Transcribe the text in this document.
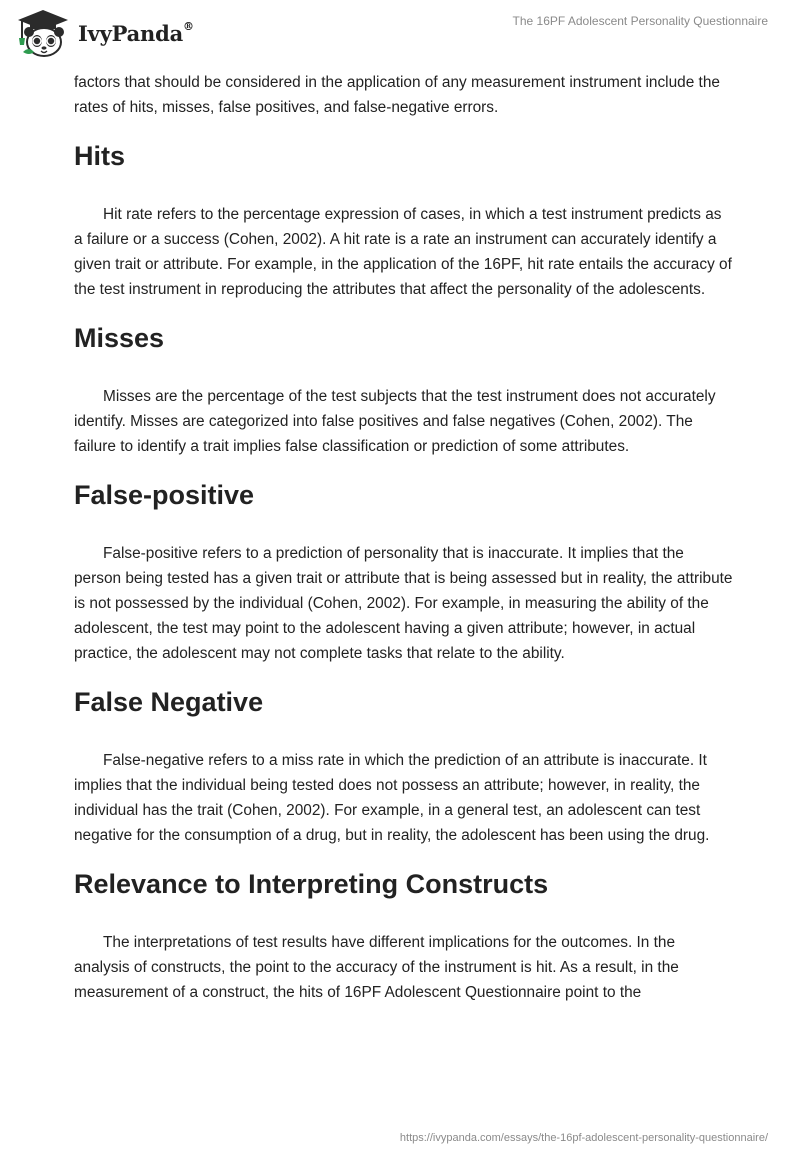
IvyPanda®	The 16PF Adolescent Personality Questionnaire

factors that should be considered in the application of any measurement instrument include the rates of hits, misses, false positives, and false-negative errors.

Hits

Hit rate refers to the percentage expression of cases, in which a test instrument predicts as a failure or a success (Cohen, 2002). A hit rate is a rate an instrument can accurately identify a given trait or attribute. For example, in the application of the 16PF, hit rate entails the accuracy of the test instrument in reproducing the attributes that affect the personality of the adolescents.

Misses

Misses are the percentage of the test subjects that the test instrument does not accurately identify. Misses are categorized into false positives and false negatives (Cohen, 2002). The failure to identify a trait implies false classification or prediction of some attributes.

False-positive

False-positive refers to a prediction of personality that is inaccurate. It implies that the person being tested has a given trait or attribute that is being assessed but in reality, the attribute is not possessed by the individual (Cohen, 2002). For example, in measuring the ability of the adolescent, the test may point to the adolescent having a given attribute; however, in actual practice, the adolescent may not complete tasks that relate to the ability.

False Negative

False-negative refers to a miss rate in which the prediction of an attribute is inaccurate. It implies that the individual being tested does not possess an attribute; however, in reality, the individual has the trait (Cohen, 2002). For example, in a general test, an adolescent can test negative for the consumption of a drug, but in reality, the adolescent has been using the drug.

Relevance to Interpreting Constructs

The interpretations of test results have different implications for the outcomes. In the analysis of constructs, the point to the accuracy of the instrument is hit. As a result, in the measurement of a construct, the hits of 16PF Adolescent Questionnaire point to the

https://ivypanda.com/essays/the-16pf-adolescent-personality-questionnaire/
